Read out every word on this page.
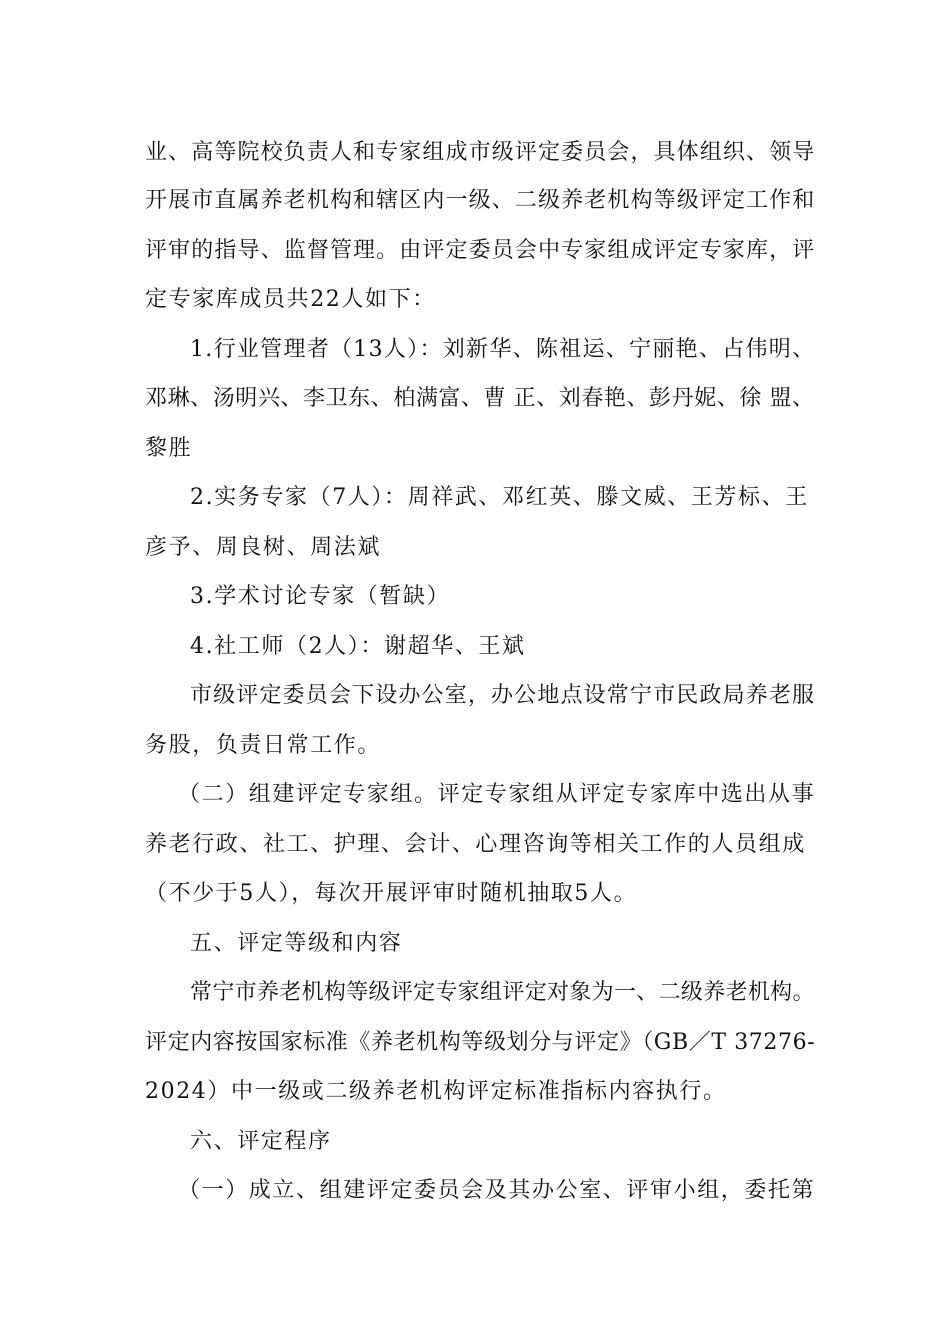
业、高等院校负责人和专家组成市级评定委员会，具体组织、领导
开展市直属养老机构和辖区内一级、二级养老机构等级评定工作和
评审的指导、监督管理。由评定委员会中专家组成评定专家库，评
定专家库成员共22人如下：
1.行业管理者（13人）：刘新华、陈祖运、宁丽艳、占伟明、
邓琳、汤明兴、李卫东、柏满富、曹 正、刘春艳、彭丹妮、徐 盟、
黎胜
2.实务专家（7人）：周祥武、邓红英、滕文威、王芳标、王
彦予、周良树、周法斌
3.学术讨论专家（暂缺）
4.社工师（2人）：谢超华、王斌
市级评定委员会下设办公室，办公地点设常宁市民政局养老服
务股，负责日常工作。
（二）组建评定专家组。评定专家组从评定专家库中选出从事
养老行政、社工、护理、会计、心理咨询等相关工作的人员组成
（不少于5人），每次开展评审时随机抽取5人。
五、评定等级和内容
常宁市养老机构等级评定专家组评定对象为一、二级养老机构。
评定内容按国家标准《养老机构等级划分与评定》（GB／T 37276-
2024）中一级或二级养老机构评定标准指标内容执行。
六、评定程序
（一）成立、组建评定委员会及其办公室、评审小组，委托第
